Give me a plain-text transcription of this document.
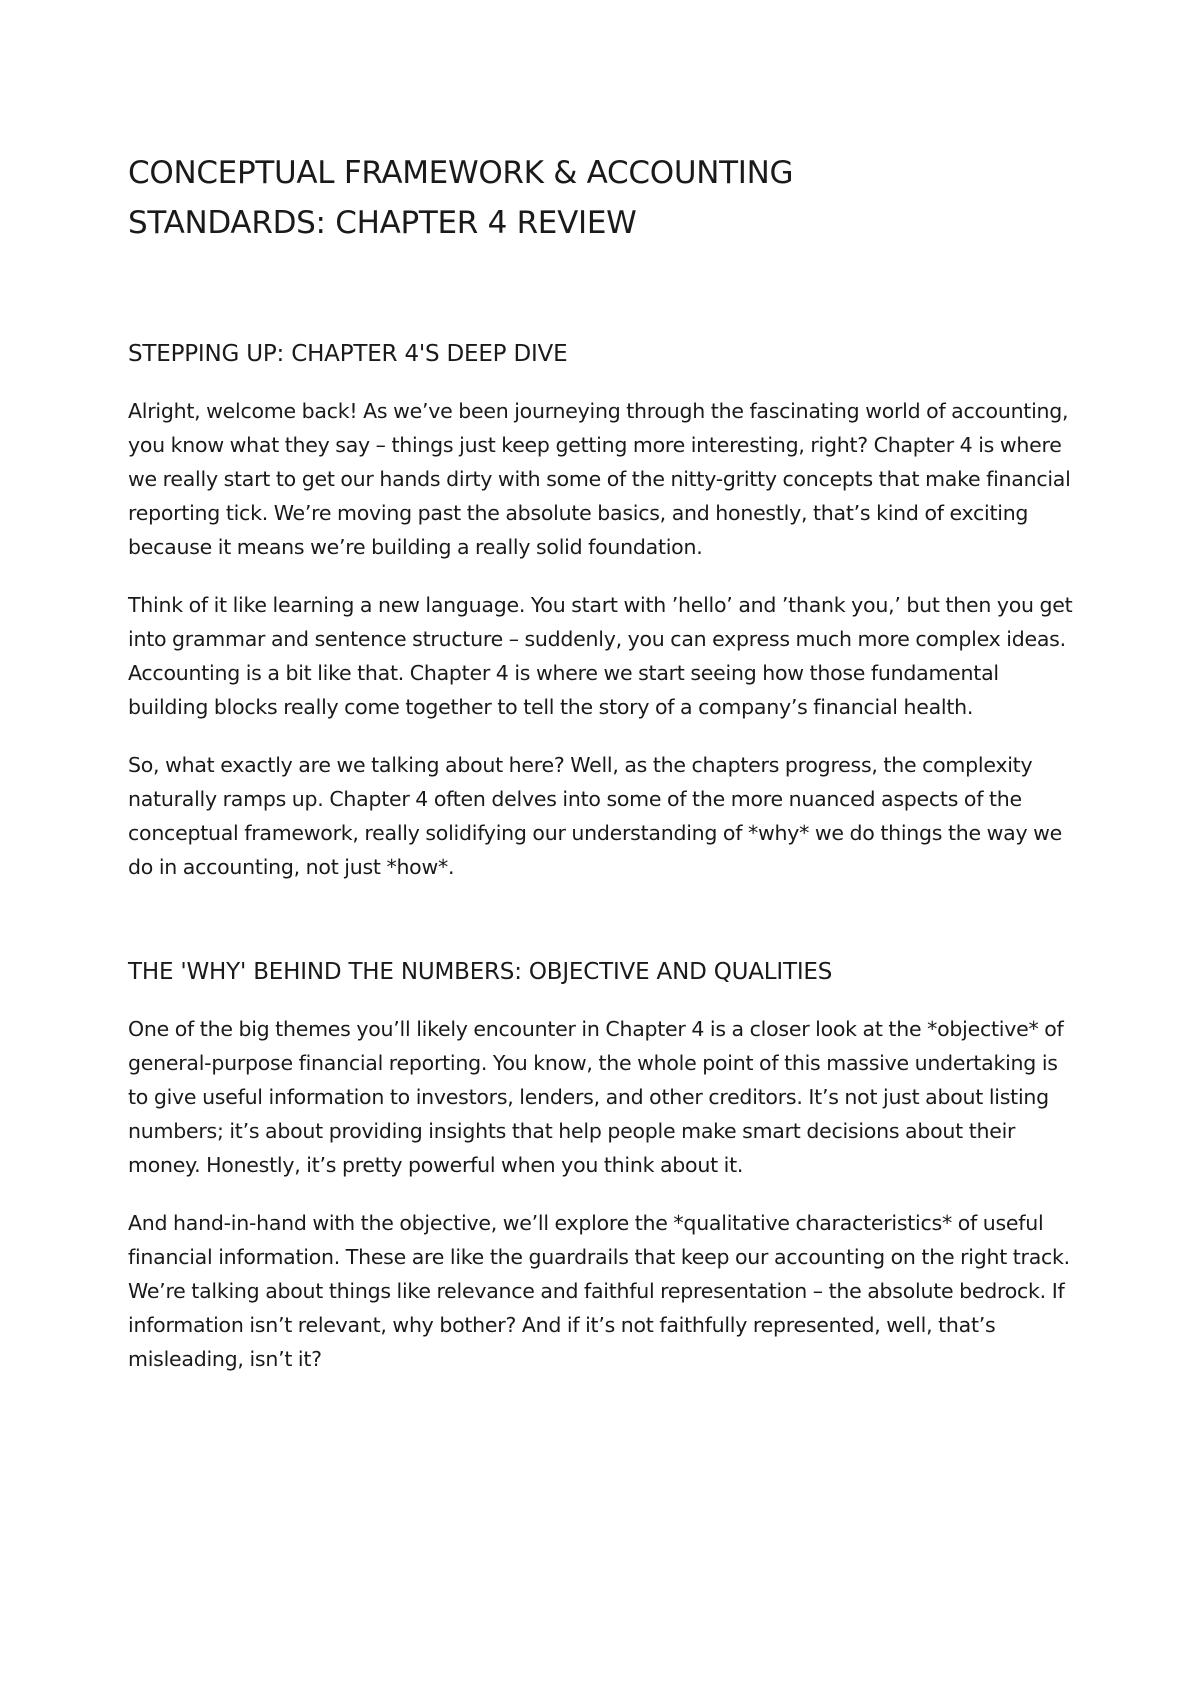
CONCEPTUAL FRAMEWORK & ACCOUNTING STANDARDS: CHAPTER 4 REVIEW
STEPPING UP: CHAPTER 4'S DEEP DIVE

Alright, welcome back! As we’ve been journeying through the fascinating world of accounting, you know what they say – things just keep getting more interesting, right? Chapter 4 is where we really start to get our hands dirty with some of the nitty-gritty concepts that make financial reporting tick. We’re moving past the absolute basics, and honestly, that’s kind of exciting because it means we’re building a really solid foundation.

Think of it like learning a new language. You start with ’hello’ and ’thank you,’ but then you get into grammar and sentence structure – suddenly, you can express much more complex ideas. Accounting is a bit like that. Chapter 4 is where we start seeing how those fundamental building blocks really come together to tell the story of a company’s financial health.

So, what exactly are we talking about here? Well, as the chapters progress, the complexity naturally ramps up. Chapter 4 often delves into some of the more nuanced aspects of the conceptual framework, really solidifying our understanding of *why* we do things the way we do in accounting, not just *how*.

THE 'WHY' BEHIND THE NUMBERS: OBJECTIVE AND QUALITIES

One of the big themes you’ll likely encounter in Chapter 4 is a closer look at the *objective* of general-purpose financial reporting. You know, the whole point of this massive undertaking is to give useful information to investors, lenders, and other creditors. It’s not just about listing numbers; it’s about providing insights that help people make smart decisions about their money. Honestly, it’s pretty powerful when you think about it.

And hand-in-hand with the objective, we’ll explore the *qualitative characteristics* of useful financial information. These are like the guardrails that keep our accounting on the right track. We’re talking about things like relevance and faithful representation – the absolute bedrock. If information isn’t relevant, why bother? And if it’s not faithfully represented, well, that’s misleading, isn’t it?
